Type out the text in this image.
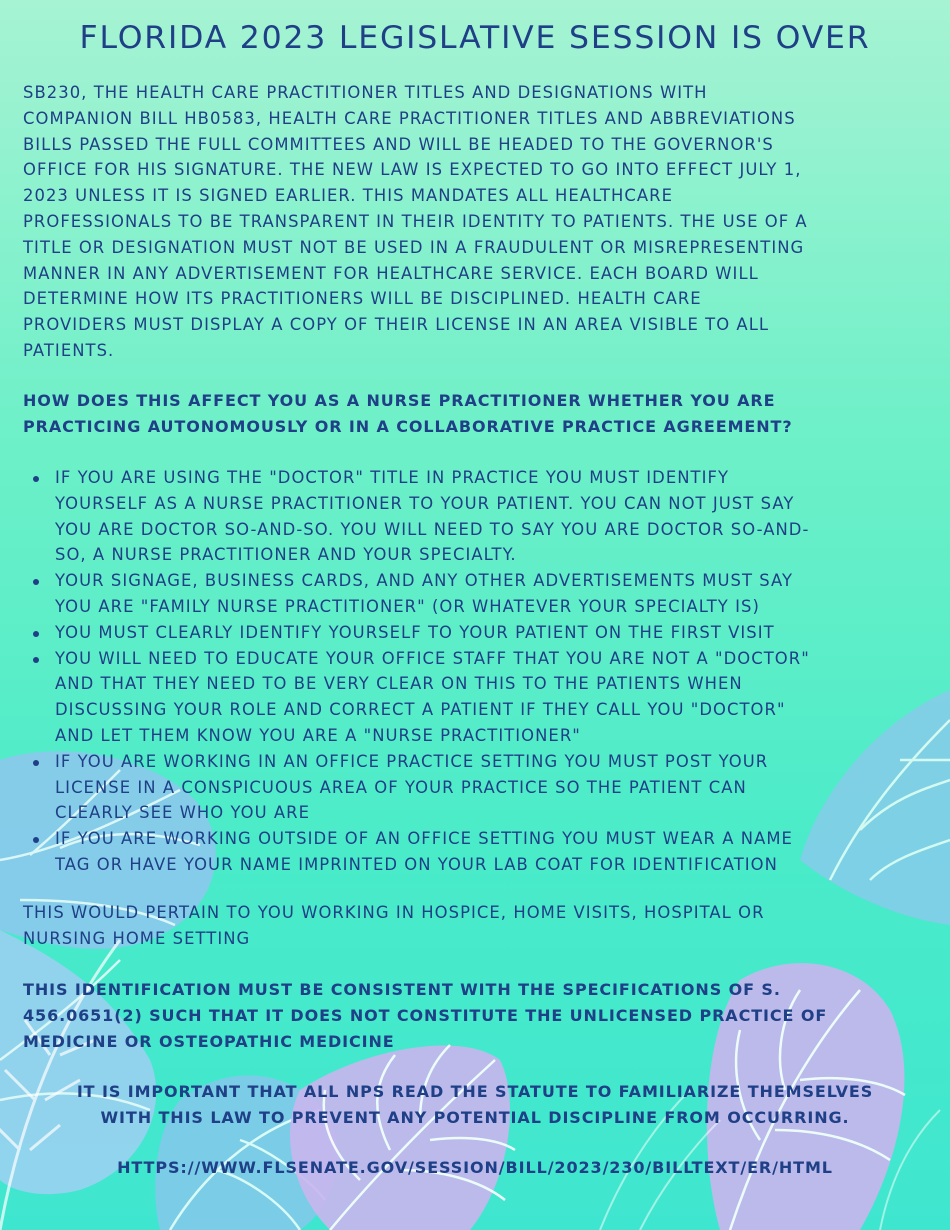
FLORIDA 2023 LEGISLATIVE SESSION IS OVER

SB230, THE HEALTH CARE PRACTITIONER TITLES AND DESIGNATIONS WITH
COMPANION BILL HB0583, HEALTH CARE PRACTITIONER TITLES AND ABBREVIATIONS
BILLS PASSED THE FULL COMMITTEES AND WILL BE HEADED TO THE GOVERNOR'S
OFFICE FOR HIS SIGNATURE. THE NEW LAW IS EXPECTED TO GO INTO EFFECT JULY 1,
2023 UNLESS IT IS SIGNED EARLIER. THIS MANDATES ALL HEALTHCARE
PROFESSIONALS TO BE TRANSPARENT IN THEIR IDENTITY TO PATIENTS. THE USE OF A
TITLE OR DESIGNATION MUST NOT BE USED IN A FRAUDULENT OR MISREPRESENTING
MANNER IN ANY ADVERTISEMENT FOR HEALTHCARE SERVICE. EACH BOARD WILL
DETERMINE HOW ITS PRACTITIONERS WILL BE DISCIPLINED. HEALTH CARE
PROVIDERS MUST DISPLAY A COPY OF THEIR LICENSE IN AN AREA VISIBLE TO ALL
PATIENTS.

HOW DOES THIS AFFECT YOU AS A NURSE PRACTITIONER WHETHER YOU ARE
PRACTICING AUTONOMOUSLY OR IN A COLLABORATIVE PRACTICE AGREEMENT?

IF YOU ARE USING THE "DOCTOR" TITLE IN PRACTICE YOU MUST IDENTIFY
YOURSELF AS A NURSE PRACTITIONER TO YOUR PATIENT. YOU CAN NOT JUST SAY
YOU ARE DOCTOR SO-AND-SO. YOU WILL NEED TO SAY YOU ARE DOCTOR SO-AND-
SO, A NURSE PRACTITIONER AND YOUR SPECIALTY.
YOUR SIGNAGE, BUSINESS CARDS, AND ANY OTHER ADVERTISEMENTS MUST SAY
YOU ARE "FAMILY NURSE PRACTITIONER" (OR WHATEVER YOUR SPECIALTY IS)
YOU MUST CLEARLY IDENTIFY YOURSELF TO YOUR PATIENT ON THE FIRST VISIT
YOU WILL NEED TO EDUCATE YOUR OFFICE STAFF THAT YOU ARE NOT A "DOCTOR"
AND THAT THEY NEED TO BE VERY CLEAR ON THIS TO THE PATIENTS WHEN
DISCUSSING YOUR ROLE AND CORRECT A PATIENT IF THEY CALL YOU "DOCTOR"
AND LET THEM KNOW YOU ARE A "NURSE PRACTITIONER"
IF YOU ARE WORKING IN AN OFFICE PRACTICE SETTING YOU MUST POST YOUR
LICENSE IN A CONSPICUOUS AREA OF YOUR PRACTICE SO THE PATIENT CAN
CLEARLY SEE WHO YOU ARE
IF YOU ARE WORKING OUTSIDE OF AN OFFICE SETTING YOU MUST WEAR A NAME
TAG OR HAVE YOUR NAME IMPRINTED ON YOUR LAB COAT FOR IDENTIFICATION

THIS WOULD PERTAIN TO YOU WORKING IN HOSPICE, HOME VISITS, HOSPITAL OR
NURSING HOME SETTING

THIS IDENTIFICATION MUST BE CONSISTENT WITH THE SPECIFICATIONS OF S.
456.0651(2) SUCH THAT IT DOES NOT CONSTITUTE THE UNLICENSED PRACTICE OF
MEDICINE OR OSTEOPATHIC MEDICINE

IT IS IMPORTANT THAT ALL NPS READ THE STATUTE TO FAMILIARIZE THEMSELVES
WITH THIS LAW TO PREVENT ANY POTENTIAL DISCIPLINE FROM OCCURRING.

HTTPS://WWW.FLSENATE.GOV/SESSION/BILL/2023/230/BILLTEXT/ER/HTML
